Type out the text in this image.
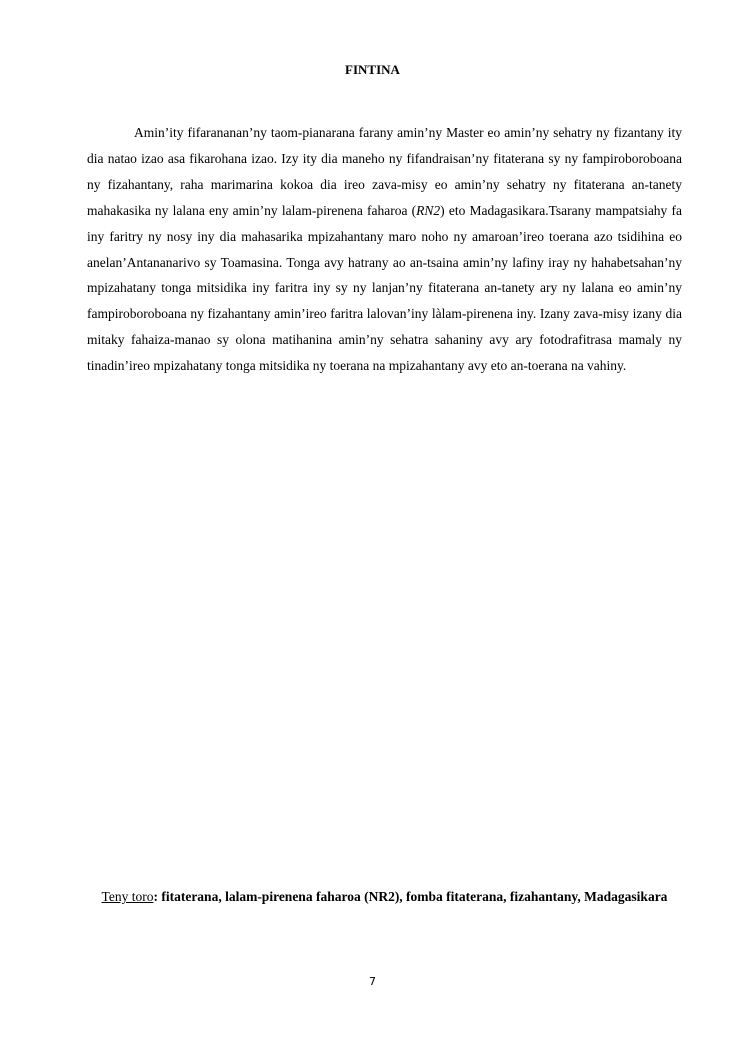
FINTINA

Amin’ity fifarananan’ny taom-pianarana farany amin’ny Master eo amin’ny sehatry ny fizantany ity dia natao izao asa fikarohana izao. Izy ity dia maneho ny fifandraisan’ny fitaterana sy ny fampiroboroboana ny fizahantany, raha marimarina kokoa dia ireo zava-misy eo amin’ny sehatry ny fitaterana an-tanety mahakasika ny lalana eny amin’ny lalam-pirenena faharoa (RN2) eto Madagasikara.Tsarany mampatsiahy fa iny faritry ny nosy iny dia mahasarika mpizahantany maro noho ny amaroan’ireo toerana azo tsidihina eo anelan’Antananarivo sy Toamasina. Tonga avy hatrany ao an-tsaina amin’ny lafiny iray ny hahabetsahan’ny mpizahatany tonga mitsidika iny faritra iny sy ny lanjan’ny fitaterana an-tanety ary ny lalana eo amin’ny fampiroboroboana ny fizahantany amin’ireo faritra lalovan’iny làlam-pirenena iny. Izany zava-misy izany dia mitaky fahaiza-manao sy olona matihanina amin’ny sehatra sahaniny avy ary fotodrafitrasa mamaly ny tinadin’ireo mpizahatany tonga mitsidika ny toerana na mpizahantany avy eto an-toerana na vahiny.

Teny toro: fitaterana, lalam-pirenena faharoa (NR2), fomba fitaterana, fizahantany, Madagasikara
7
